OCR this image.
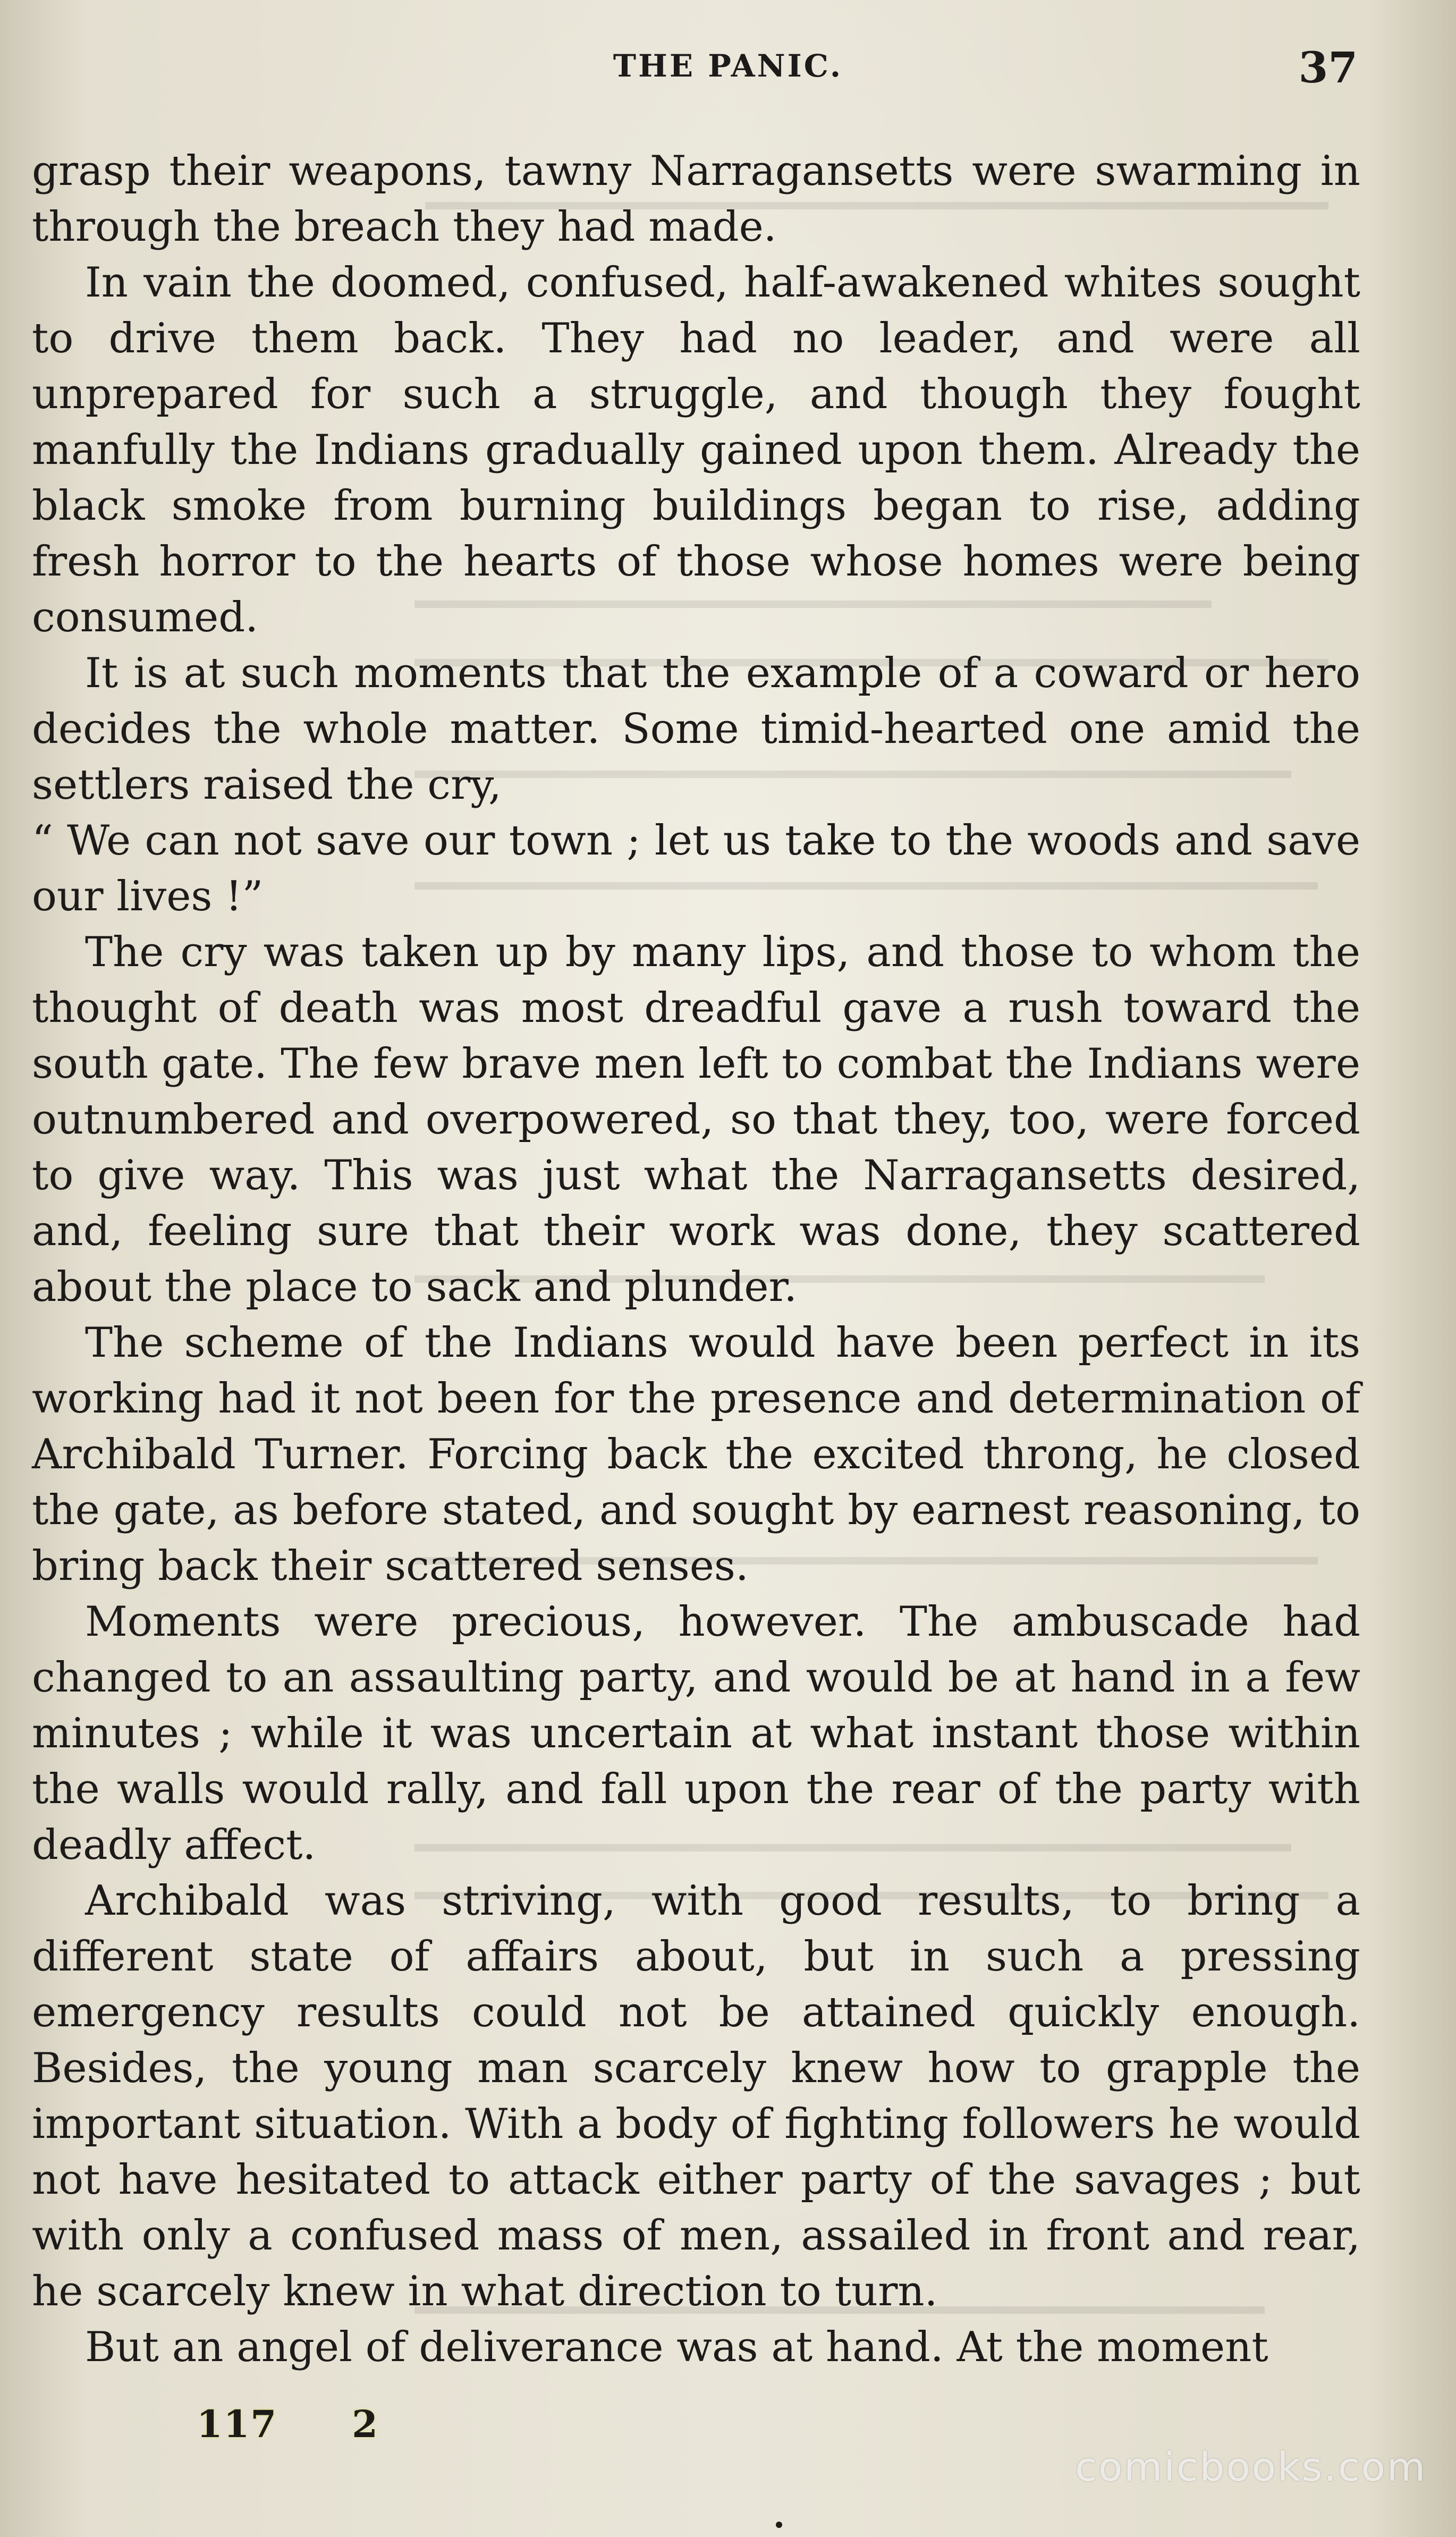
THE PANIC.	37

grasp their weapons, tawny Narragansetts were swarming in through the breach they had made.

In vain the doomed, confused, half-awakened whites sought to drive them back. They had no leader, and were all unprepared for such a struggle, and though they fought manfully the Indians gradually gained upon them. Already the black smoke from burning buildings began to rise, adding fresh horror to the hearts of those whose homes were being consumed.

It is at such moments that the example of a coward or hero decides the whole matter. Some timid-hearted one amid the settlers raised the cry,

“ We can not save our town ; let us take to the woods and save our lives !”

The cry was taken up by many lips, and those to whom the thought of death was most dreadful gave a rush toward the south gate. The few brave men left to combat the Indians were outnumbered and overpowered, so that they, too, were forced to give way. This was just what the Narragansetts desired, and, feeling sure that their work was done, they scattered about the place to sack and plunder.

The scheme of the Indians would have been perfect in its working had it not been for the presence and determination of Archibald Turner. Forcing back the excited throng, he closed the gate, as before stated, and sought by earnest reasoning, to bring back their scattered senses.

Moments were precious, however. The ambuscade had changed to an assaulting party, and would be at hand in a few minutes ; while it was uncertain at what instant those within the walls would rally, and fall upon the rear of the party with deadly affect.

Archibald was striving, with good results, to bring a different state of affairs about, but in such a pressing emergency results could not be attained quickly enough. Besides, the young man scarcely knew how to grapple the important situation. With a body of fighting followers he would not have hesitated to attack either party of the savages ; but with only a confused mass of men, assailed in front and rear, he scarcely knew in what direction to turn.

But an angel of deliverance was at hand. At the moment

117 2
comicbooks.com
